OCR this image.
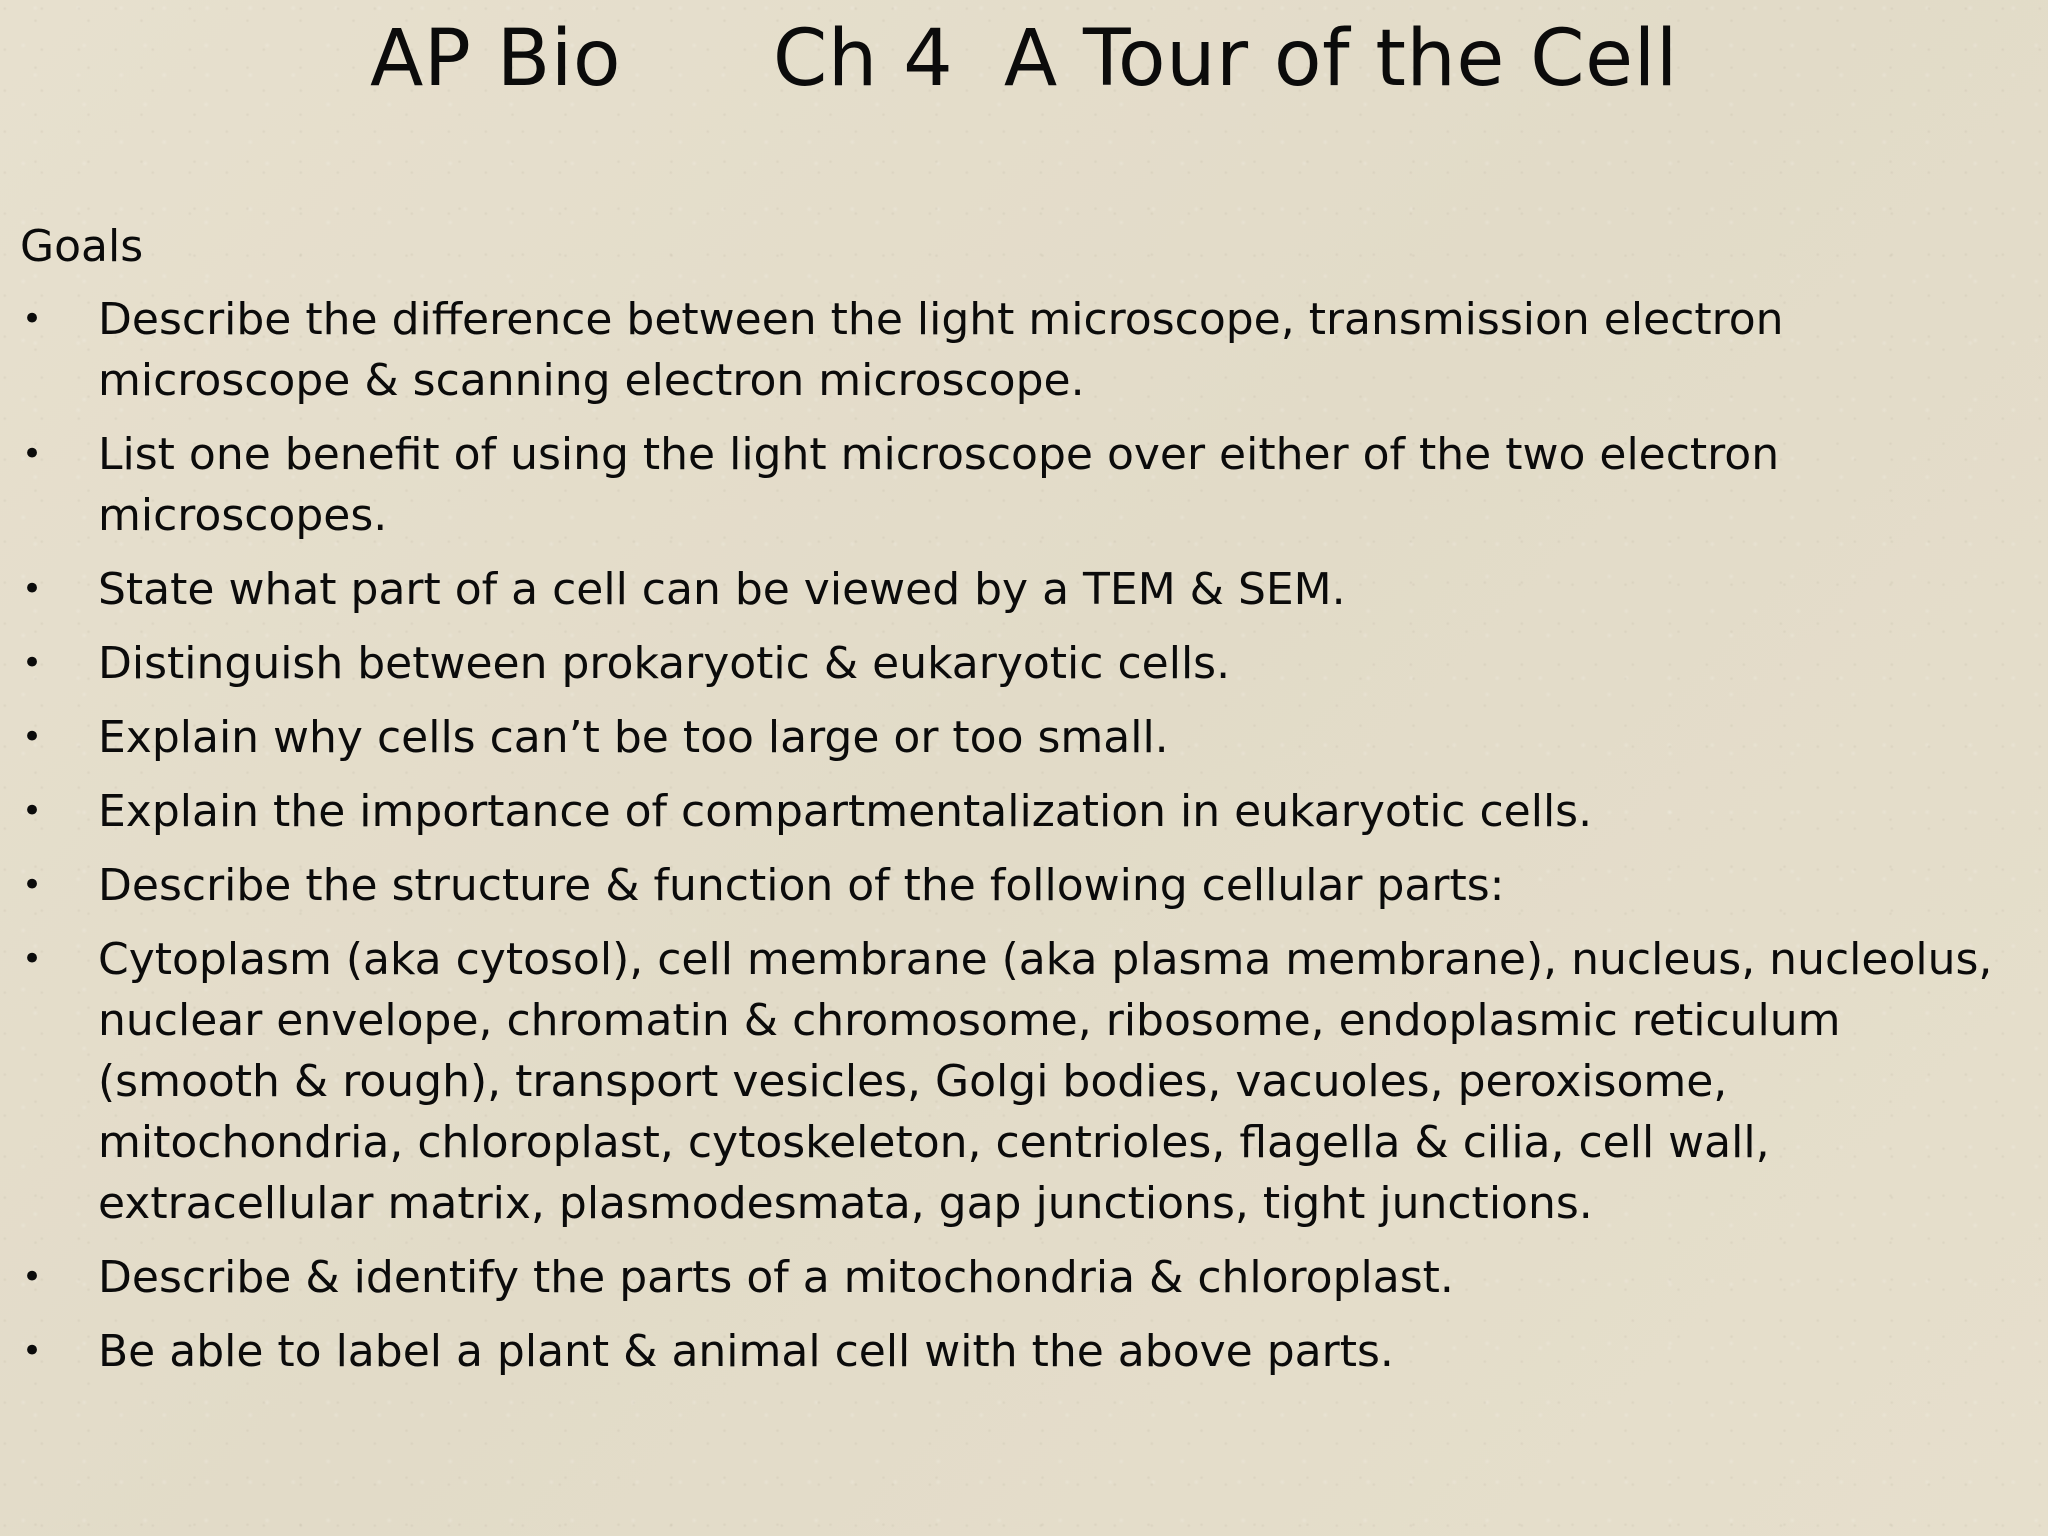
AP Bio Ch 4  A Tour of the Cell

Goals

• Describe the difference between the light microscope, transmission electron microscope & scanning electron microscope.
• List one benefit of using the light microscope over either of the two electron microscopes.
• State what part of a cell can be viewed by a TEM & SEM.
• Distinguish between prokaryotic & eukaryotic cells.
• Explain why cells can’t be too large or too small.
• Explain the importance of compartmentalization in eukaryotic cells.
• Describe the structure & function of the following cellular parts:
• Cytoplasm (aka cytosol), cell membrane (aka plasma membrane), nucleus, nucleolus, nuclear envelope, chromatin & chromosome, ribosome, endoplasmic reticulum (smooth & rough), transport vesicles, Golgi bodies, vacuoles, peroxisome, mitochondria, chloroplast, cytoskeleton, centrioles, flagella & cilia, cell wall, extracellular matrix, plasmodesmata, gap junctions, tight junctions.
• Describe & identify the parts of a mitochondria & chloroplast.
• Be able to label a plant & animal cell with the above parts.
